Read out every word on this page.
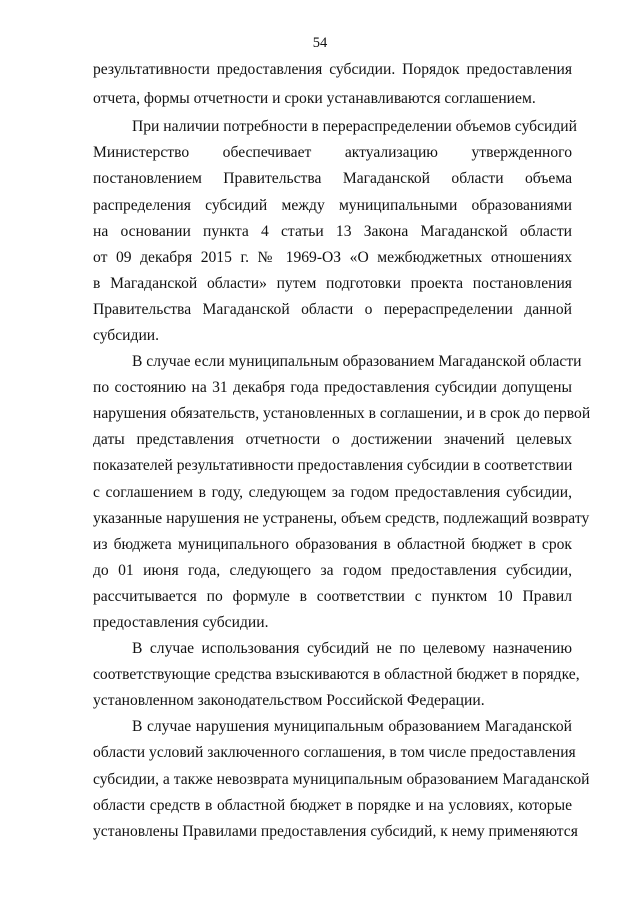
54
результативности предоставления субсидии. Порядок предоставления
отчета, формы отчетности и сроки устанавливаются соглашением.
При наличии потребности в перераспределении объемов субсидий
Министерство обеспечивает актуализацию утвержденного
постановлением Правительства Магаданской области объема
распределения субсидий между муниципальными образованиями
на основании пункта 4 статьи 13 Закона Магаданской области
от 09 декабря 2015 г. № 1969-ОЗ «О межбюджетных отношениях
в Магаданской области» путем подготовки проекта постановления
Правительства Магаданской области о перераспределении данной
субсидии.
В случае если муниципальным образованием Магаданской области
по состоянию на 31 декабря года предоставления субсидии допущены
нарушения обязательств, установленных в соглашении, и в срок до первой
даты представления отчетности о достижении значений целевых
показателей результативности предоставления субсидии в соответствии
с соглашением в году, следующем за годом предоставления субсидии,
указанные нарушения не устранены, объем средств, подлежащий возврату
из бюджета муниципального образования в областной бюджет в срок
до 01 июня года, следующего за годом предоставления субсидии,
рассчитывается по формуле в соответствии с пунктом 10 Правил
предоставления субсидии.
В случае использования субсидий не по целевому назначению
соответствующие средства взыскиваются в областной бюджет в порядке,
установленном законодательством Российской Федерации.
В случае нарушения муниципальным образованием Магаданской
области условий заключенного соглашения, в том числе предоставления
субсидии, а также невозврата муниципальным образованием Магаданской
области средств в областной бюджет в порядке и на условиях, которые
установлены Правилами предоставления субсидий, к нему применяются
